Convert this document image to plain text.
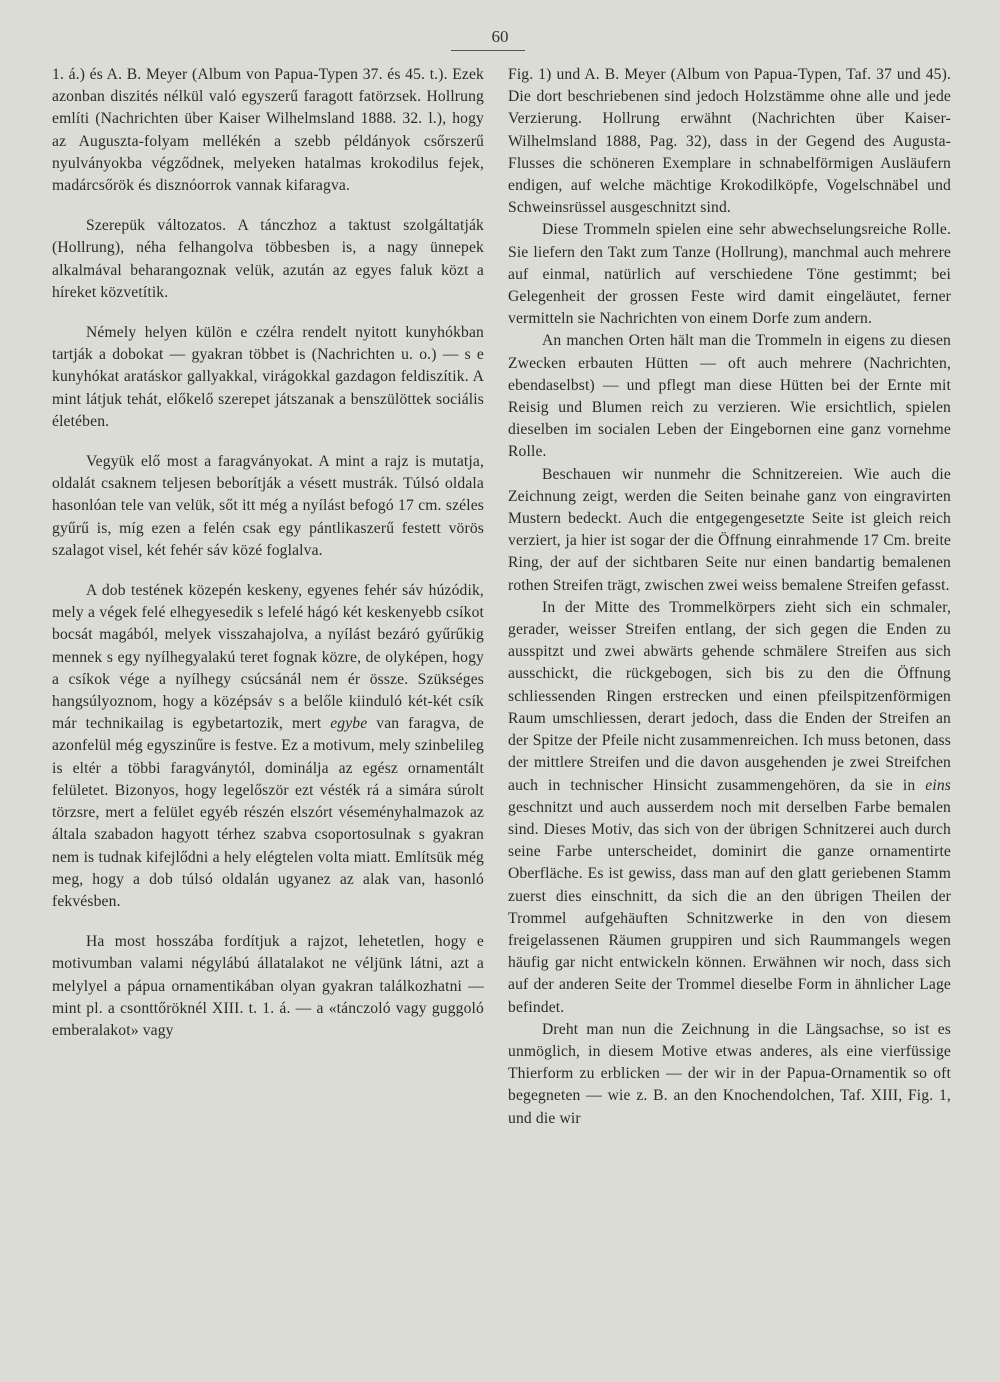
60

1. á.) és A. B. Meyer (Album von Papua-Typen 37. és 45. t.). Ezek azonban diszités nélkül való egyszerű faragott fatörzsek. Hollrung említi (Nachrichten über Kaiser Wilhelmsland 1888. 32. l.), hogy az Auguszta-folyam mellékén a szebb példányok csőrszerű nyulványokba végződnek, melyeken hatalmas krokodilus fejek, madárcsőrök és disznóorrok vannak kifaragva.

Szerepük változatos. A tánczhoz a taktust szolgáltatják (Hollrung), néha felhangolva többesben is, a nagy ünnepek alkalmával beharangoznak velük, azután az egyes faluk közt a híreket közvetítik.

Némely helyen külön e czélra rendelt nyitott kunyhókban tartják a dobokat — gyakran többet is (Nachrichten u. o.) — s e kunyhókat aratáskor gallyakkal, virágokkal gazdagon feldiszítik. A mint látjuk tehát, előkelő szerepet játszanak a benszülöttek sociális életében.

Vegyük elő most a faragványokat. A mint a rajz is mutatja, oldalát csaknem teljesen beborítják a vésett mustrák. Túlsó oldala hasonlóan tele van velük, sőt itt még a nyílást befogó 17 cm. széles gyűrű is, míg ezen a felén csak egy pántlikaszerű festett vörös szalagot visel, két fehér sáv közé foglalva.

A dob testének közepén keskeny, egyenes fehér sáv húzódik, mely a végek felé elhegyesedik s lefelé hágó két keskenyebb csíkot bocsát magából, melyek visszahajolva, a nyílást bezáró gyűrűkig mennek s egy nyílhegyalakú teret fognak közre, de olyképen, hogy a csíkok vége a nyílhegy csúcsánál nem ér össze. Szükséges hangsúlyoznom, hogy a középsáv s a belőle kiinduló két-két csík már technikailag is egybetartozik, mert egybe van faragva, de azonfelül még egyszinűre is festve. Ez a motivum, mely szinbelileg is eltér a többi faragványtól, dominálja az egész ornamentált felületet. Bizonyos, hogy legelőször ezt vésték rá a simára súrolt törzsre, mert a felület egyéb részén elszórt véseményhalmazok az általa szabadon hagyott térhez szabva csoportosulnak s gyakran nem is tudnak kifejlődni a hely elégtelen volta miatt. Említsük még meg, hogy a dob túlsó oldalán ugyanez az alak van, hasonló fekvésben.

Ha most hosszába fordítjuk a rajzot, lehetetlen, hogy e motivumban valami négylábú állatalakot ne véljünk látni, azt a melylyel a pápua ornamentikában olyan gyakran találkozhatni — mint pl. a csonttőröknél XIII. t. 1. á. — a «tánczoló vagy guggoló emberalakot» vagy

Fig. 1) und A. B. Meyer (Album von Papua-Typen, Taf. 37 und 45). Die dort beschriebenen sind jedoch Holzstämme ohne alle und jede Verzierung. Hollrung erwähnt (Nachrichten über Kaiser-Wilhelmsland 1888, Pag. 32), dass in der Gegend des Augusta-Flusses die schöneren Exemplare in schnabelförmigen Ausläufern endigen, auf welche mächtige Krokodilköpfe, Vogelschnäbel und Schweinsrüssel ausgeschnitzt sind.

Diese Trommeln spielen eine sehr abwechselungsreiche Rolle. Sie liefern den Takt zum Tanze (Hollrung), manchmal auch mehrere auf einmal, natürlich auf verschiedene Töne gestimmt; bei Gelegenheit der grossen Feste wird damit eingeläutet, ferner vermitteln sie Nachrichten von einem Dorfe zum andern.

An manchen Orten hält man die Trommeln in eigens zu diesen Zwecken erbauten Hütten — oft auch mehrere (Nachrichten, ebendaselbst) — und pflegt man diese Hütten bei der Ernte mit Reisig und Blumen reich zu verzieren. Wie ersichtlich, spielen dieselben im socialen Leben der Eingebornen eine ganz vornehme Rolle.

Beschauen wir nunmehr die Schnitzereien. Wie auch die Zeichnung zeigt, werden die Seiten beinahe ganz von eingravirten Mustern bedeckt. Auch die entgegengesetzte Seite ist gleich reich verziert, ja hier ist sogar der die Öffnung einrahmende 17 Cm. breite Ring, der auf der sichtbaren Seite nur einen bandartig bemalenen rothen Streifen trägt, zwischen zwei weiss bemalene Streifen gefasst.

In der Mitte des Trommelkörpers zieht sich ein schmaler, gerader, weisser Streifen entlang, der sich gegen die Enden zu ausspitzt und zwei abwärts gehende schmälere Streifen aus sich ausschickt, die rückgebogen, sich bis zu den die Öffnung schliessenden Ringen erstrecken und einen pfeilspitzenförmigen Raum umschliessen, derart jedoch, dass die Enden der Streifen an der Spitze der Pfeile nicht zusammenreichen. Ich muss betonen, dass der mittlere Streifen und die davon ausgehenden je zwei Streifchen auch in technischer Hinsicht zusammengehören, da sie in eins geschnitzt und auch ausserdem noch mit derselben Farbe bemalen sind. Dieses Motiv, das sich von der übrigen Schnitzerei auch durch seine Farbe unterscheidet, dominirt die ganze ornamentirte Oberfläche. Es ist gewiss, dass man auf den glatt geriebenen Stamm zuerst dies einschnitt, da sich die an den übrigen Theilen der Trommel aufgehäuften Schnitzwerke in den von diesem freigelassenen Räumen gruppiren und sich Raummangels wegen häufig gar nicht entwickeln können. Erwähnen wir noch, dass sich auf der anderen Seite der Trommel dieselbe Form in ähnlicher Lage befindet.

Dreht man nun die Zeichnung in die Längsachse, so ist es unmöglich, in diesem Motive etwas anderes, als eine vierfüssige Thierform zu erblicken — der wir in der Papua-Ornamentik so oft begegneten — wie z. B. an den Knochendolchen, Taf. XIII, Fig. 1, und die wir
